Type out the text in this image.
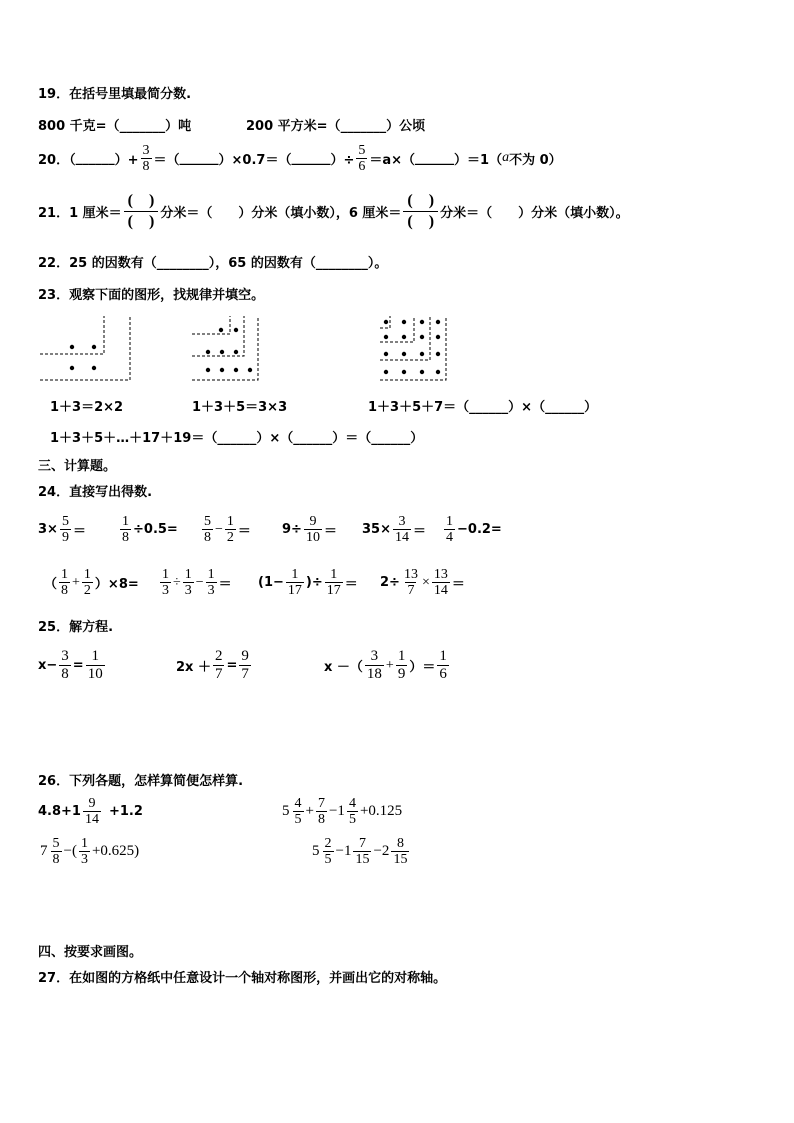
19．在括号里填最简分数.
800 千克=（_______）吨	200 平方米=（_______）公顷
20．（ ______ ）+ $\frac{3}{8}$ ＝（ ______ ）×0.7＝（ ______ ）÷ $\frac{5}{6} =a\times$（ ______ ）＝1（ a 不为 0）
21．1 厘米＝ $\frac{( )}{( )}$ 分米＝（　　）分米（填小数），6 厘米＝ $\frac{( )}{( )}$ 分米＝（　　）分米（填小数）。
22．25 的因数有（________），65 的因数有（________）。
23．观察下面的图形，找规律并填空。
1＋3＝2×2	1＋3＋5＝3×3	1＋3＋5＋7＝（______）×（______）
1＋3＋5＋…＋17＋19＝（______）×（______）＝（______）
三、计算题。
24．直接写出得数.
$3\times \frac{5}{9} = \frac{1}{8} \div 0.5= \frac{5}{8} - \frac{1}{2} = 9\div \frac{9}{10} = 35\times \frac{3}{14} = \frac{1}{4} -0.2=$
（ $\frac{1}{8} + \frac{1}{2} )\times 8= \frac{1}{3} \div \frac{1}{3} - \frac{1}{3} = (1- \frac{1}{17}$ )÷ $\frac{1}{17} = 2\div \frac{13}{7} \times \frac{13}{14}$ ＝
25．解方程.
$x- \frac{3}{8} = \frac{1}{10}$	$2x + \frac{2}{7} = \frac{9}{7}$	x －（ $\frac{3}{18} + \frac{1}{9}$ ）＝ $\frac{1}{6}$
26．下列各题，怎样算简便怎样算.
$4.8+1 \frac{9}{14} +1.2$	$5 \frac{4}{5} + \frac{7}{8} -1 \frac{4}{5} +0.125$
$7 \frac{5}{8}$ −( $\frac{1}{3} +0.625$)	$5 \frac{2}{5} -1 \frac{7}{15} -2 \frac{8}{15}$
四、按要求画图。
27．在如图的方格纸中任意设计一个轴对称图形，并画出它的对称轴。
